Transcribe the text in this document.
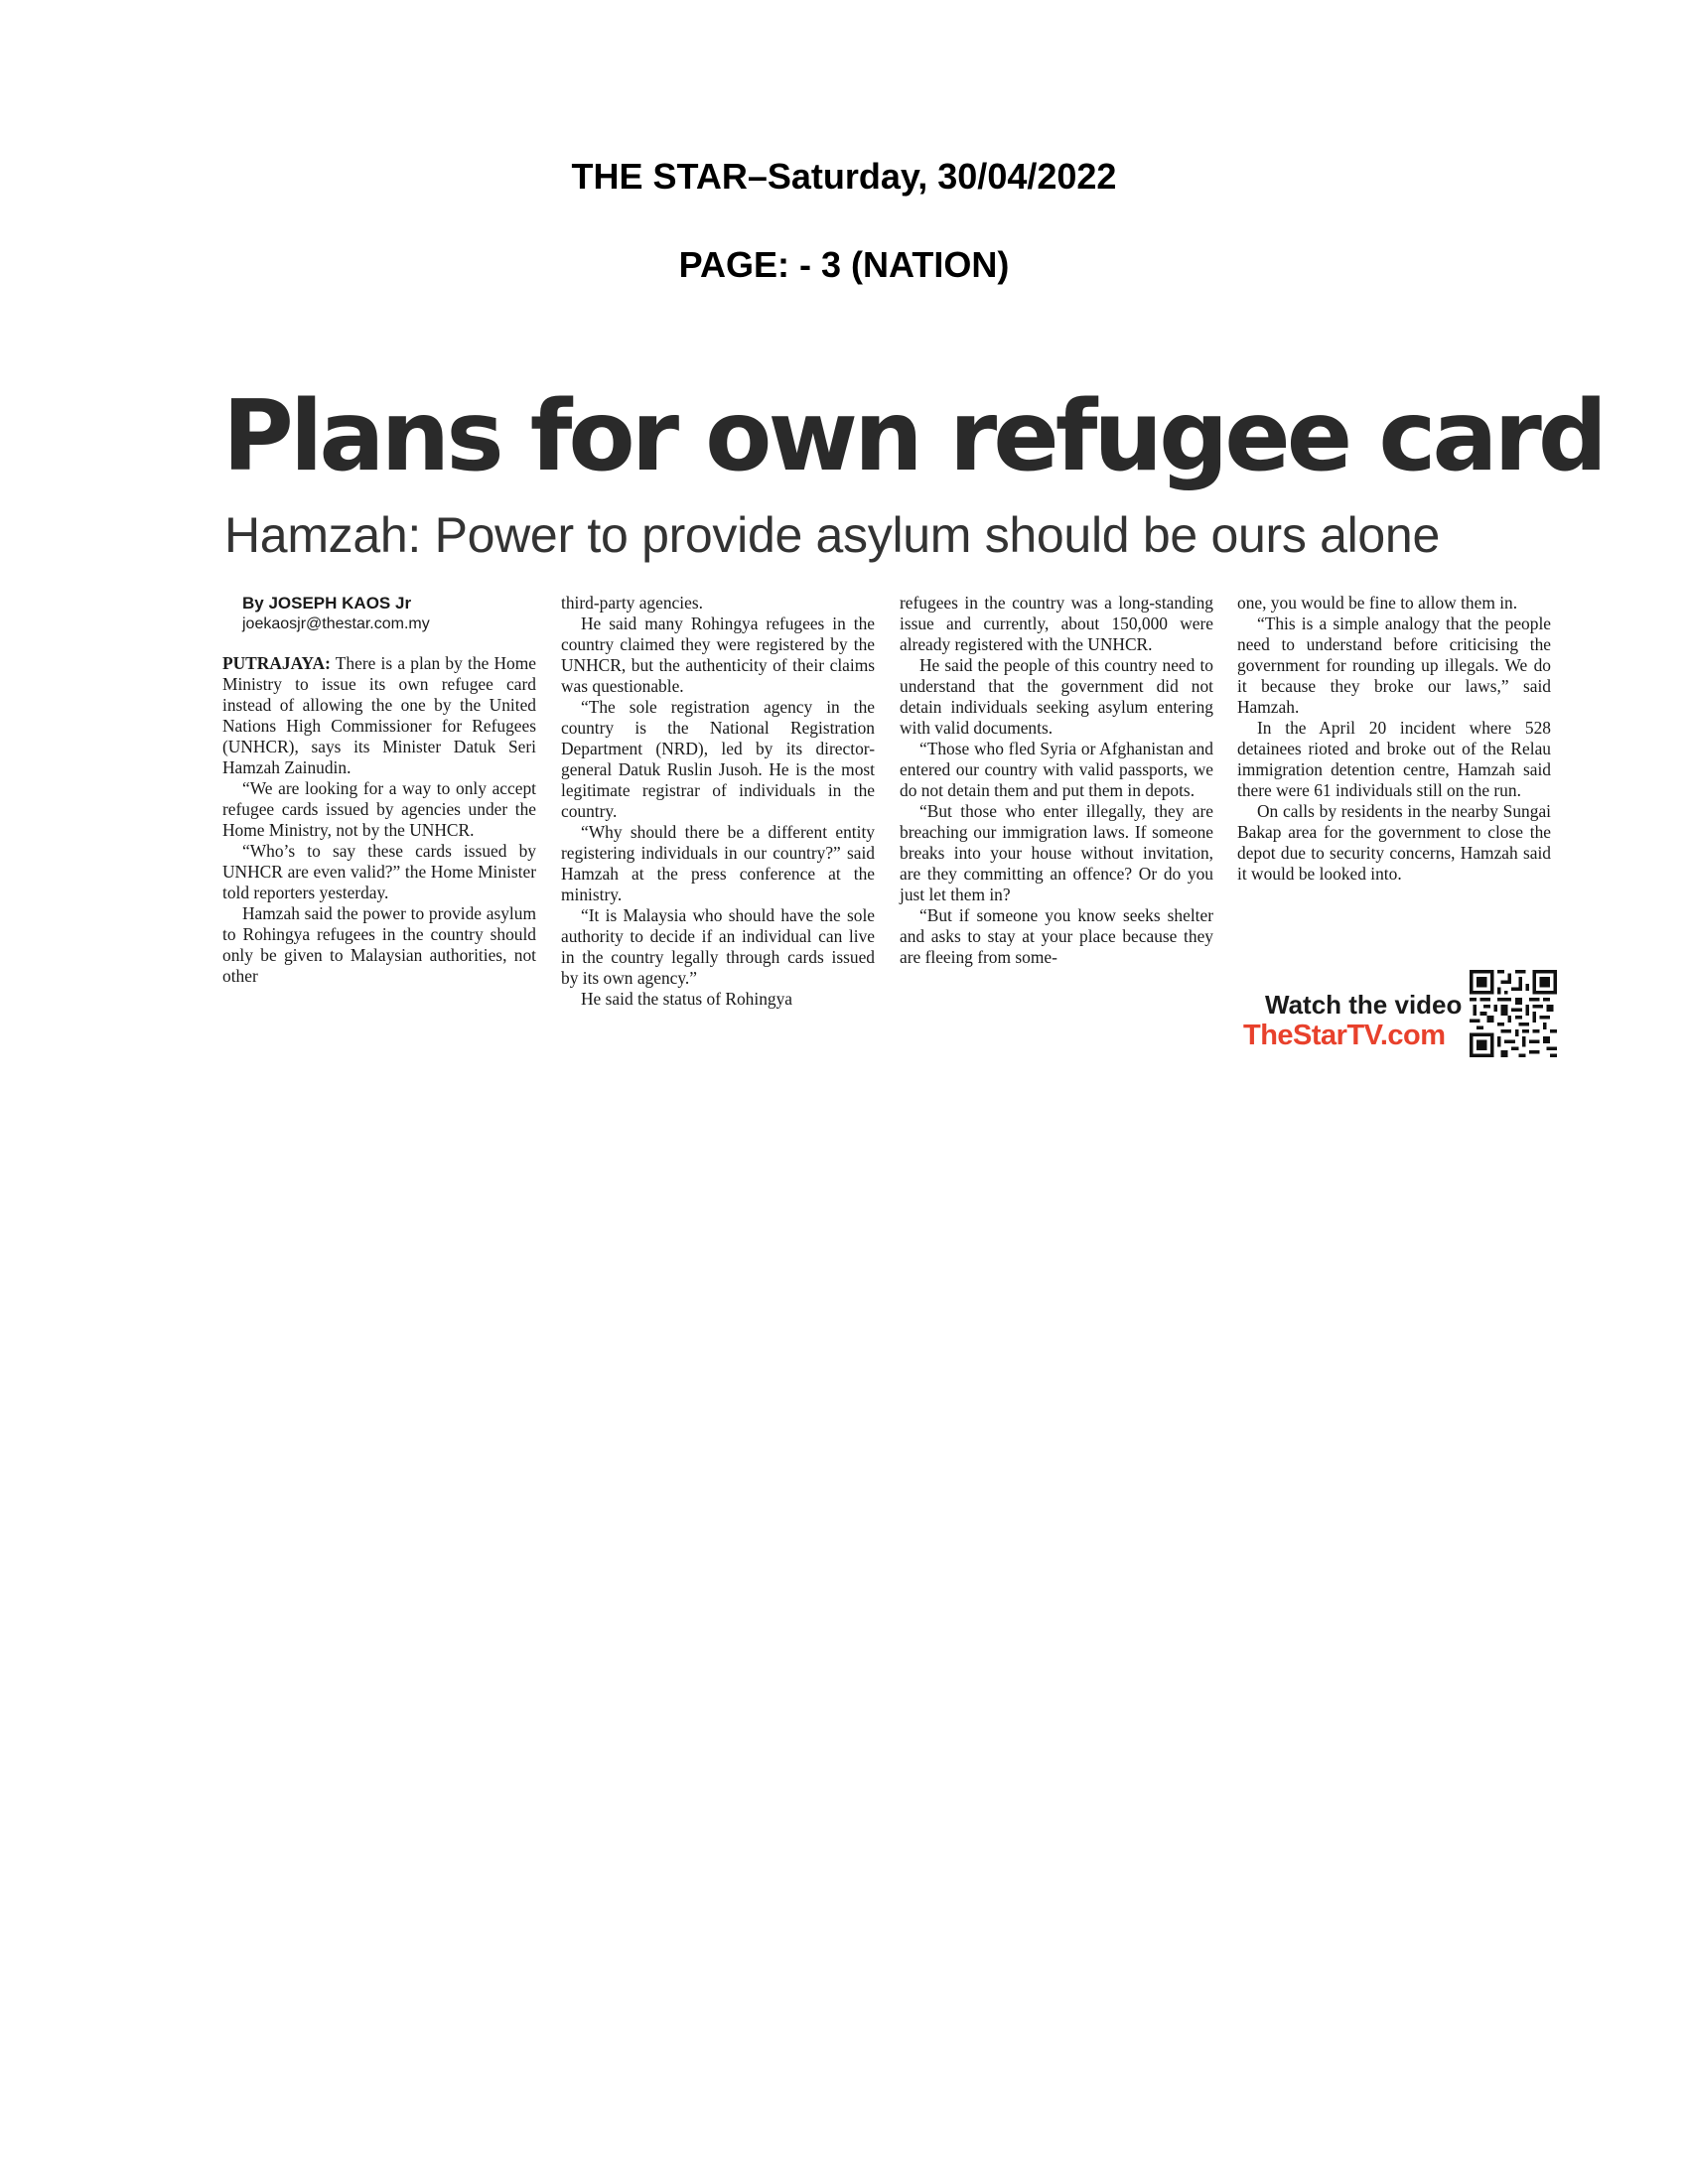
THE STAR–Saturday, 30/04/2022
PAGE: - 3 (NATION)
Plans for own refugee card
Hamzah: Power to provide asylum should be ours alone

By JOSEPH KAOS Jr

joekaosjr@thestar.com.my

PUTRAJAYA: There is a plan by the Home Ministry to issue its own refugee card instead of allowing the one by the United Nations High Commissioner for Refugees (UNHCR), says its Minister Datuk Seri Hamzah Zainudin.

“We are looking for a way to only accept refugee cards issued by agencies under the Home Ministry, not by the UNHCR.

“Who’s to say these cards issued by UNHCR are even valid?” the Home Minister told reporters yesterday.

Hamzah said the power to provide asylum to Rohingya refugees in the country should only be given to Malaysian authorities, not other

third-party agencies.

He said many Rohingya refugees in the country claimed they were registered by the UNHCR, but the authenticity of their claims was questionable.

“The sole registration agency in the country is the National Registration Department (NRD), led by its director-general Datuk Ruslin Jusoh. He is the most legitimate registrar of individuals in the country.

“Why should there be a different entity registering individuals in our country?” said Hamzah at the press conference at the ministry.

“It is Malaysia who should have the sole authority to decide if an individual can live in the country legally through cards issued by its own agency.”

He said the status of Rohingya

refugees in the country was a long-standing issue and currently, about 150,000 were already registered with the UNHCR.

He said the people of this country need to understand that the government did not detain individuals seeking asylum entering with valid documents.

“Those who fled Syria or Afghanistan and entered our country with valid passports, we do not detain them and put them in depots.

“But those who enter illegally, they are breaching our immigration laws. If someone breaks into your house without invitation, are they committing an offence? Or do you just let them in?

“But if someone you know seeks shelter and asks to stay at your place because they are fleeing from some-

one, you would be fine to allow them in.

“This is a simple analogy that the people need to understand before criticising the government for rounding up illegals. We do it because they broke our laws,” said Hamzah.

In the April 20 incident where 528 detainees rioted and broke out of the Relau immigration detention centre, Hamzah said there were 61 individuals still on the run.

On calls by residents in the nearby Sungai Bakap area for the government to close the depot due to security concerns, Hamzah said it would be looked into.

Watch the video
TheStarTV.com
